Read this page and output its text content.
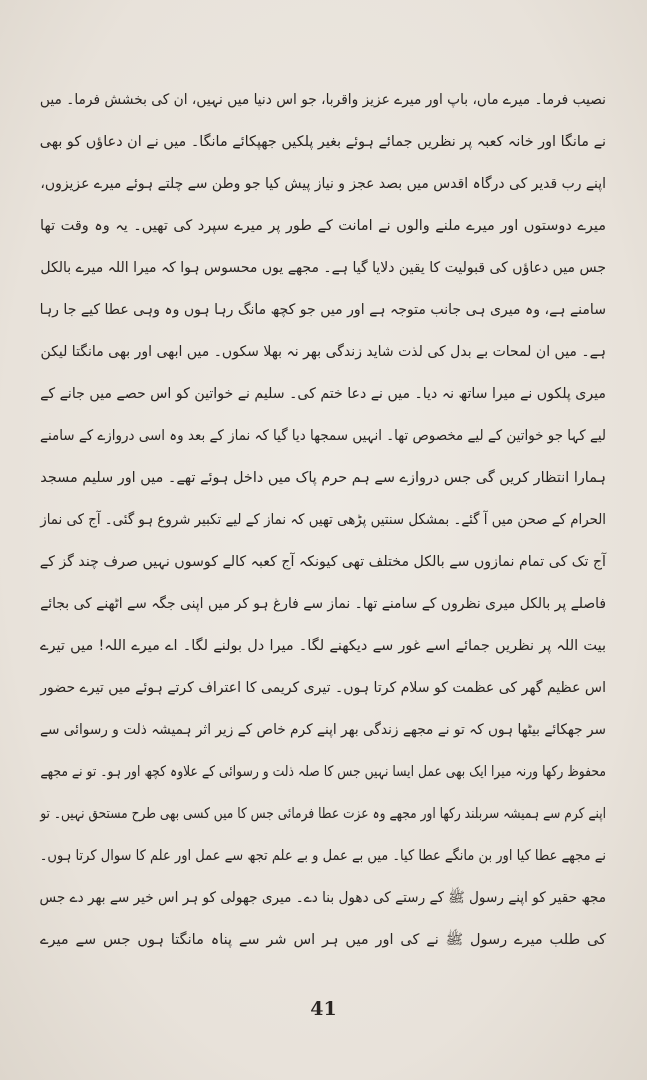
نصیب فرما۔ میرے ماں، باپ اور میرے عزیز واقربا، جو اس دنیا میں نہیں، ان کی بخشش فرما۔ میں
نے مانگا اور خانہ کعبہ پر نظریں جمائے ہوئے بغیر پلکیں جھپکائے مانگا۔ میں نے ان دعاؤں کو بھی
اپنے رب قدیر کی درگاہ اقدس میں بصد عجز و نیاز پیش کیا جو وطن سے چلتے ہوئے میرے عزیزوں،
میرے دوستوں اور میرے ملنے والوں نے امانت کے طور پر میرے سپرد کی تھیں۔ یہ وہ وقت تھا
جس میں دعاؤں کی قبولیت کا یقین دلایا گیا ہے۔ مجھے یوں محسوس ہوا کہ میرا اللہ میرے بالکل
سامنے ہے، وہ میری ہی جانب متوجہ ہے اور میں جو کچھ مانگ رہا ہوں وہ وہی عطا کیے جا رہا
ہے۔ میں ان لمحات بے بدل کی لذت شاید زندگی بھر نہ بھلا سکوں۔ میں ابھی اور بھی مانگتا لیکن
میری پلکوں نے میرا ساتھ نہ دیا۔ میں نے دعا ختم کی۔ سلیم نے خواتین کو اس حصے میں جانے کے
لیے کہا جو خواتین کے لیے مخصوص تھا۔ انہیں سمجھا دیا گیا کہ نماز کے بعد وہ اسی دروازے کے سامنے
ہمارا انتظار کریں گی جس دروازے سے ہم حرم پاک میں داخل ہوئے تھے۔ میں اور سلیم مسجد
الحرام کے صحن میں آ گئے۔ بمشکل سنتیں پڑھی تھیں کہ نماز کے لیے تکبیر شروع ہو گئی۔ آج کی نماز
آج تک کی تمام نمازوں سے بالکل مختلف تھی کیونکہ آج کعبہ کالے کوسوں نہیں صرف چند گز کے
فاصلے پر بالکل میری نظروں کے سامنے تھا۔ نماز سے فارغ ہو کر میں اپنی جگہ سے اٹھنے کی بجائے
بیت اللہ پر نظریں جمائے اسے غور سے دیکھنے لگا۔ میرا دل بولنے لگا۔ اے میرے اللہ! میں تیرے
اس عظیم گھر کی عظمت کو سلام کرتا ہوں۔ تیری کریمی کا اعتراف کرتے ہوئے میں تیرے حضور
سر جھکائے بیٹھا ہوں کہ تو نے مجھے زندگی بھر اپنے کرم خاص کے زیر اثر ہمیشہ ذلت و رسوائی سے
محفوظ رکھا ورنہ میرا ایک بھی عمل ایسا نہیں جس کا صلہ ذلت و رسوائی کے علاوہ کچھ اور ہو۔ تو نے مجھے
اپنے کرم سے ہمیشہ سربلند رکھا اور مجھے وہ عزت عطا فرمائی جس کا میں کسی بھی طرح مستحق نہیں۔ تو
نے مجھے عطا کیا اور بن مانگے عطا کیا۔ میں بے عمل و بے علم تجھ سے عمل اور علم کا سوال کرتا ہوں۔
مجھ حقیر کو اپنے رسول ﷺ کے رستے کی دھول بنا دے۔ میری جھولی کو ہر اس خیر سے بھر دے جس
کی طلب میرے رسول ﷺ نے کی اور میں ہر اس شر سے پناہ مانگتا ہوں جس سے میرے
41
